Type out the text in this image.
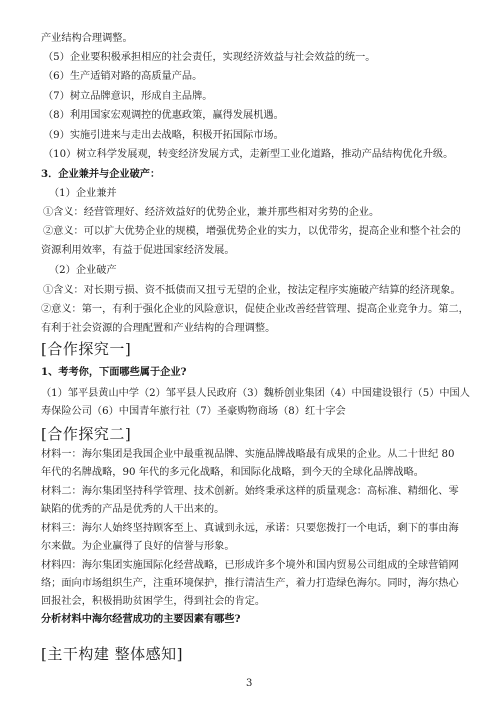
产业结构合理调整。
（5）企业要积极承担相应的社会责任，实现经济效益与社会效益的统一。
（6）生产适销对路的高质量产品。
（7）树立品牌意识，形成自主品牌。
（8）利用国家宏观调控的优惠政策，赢得发展机遇。
（9）实施引进来与走出去战略，积极开拓国际市场。
（10）树立科学发展观，转变经济发展方式，走新型工业化道路，推动产品结构优化升级。
3．企业兼并与企业破产：
（1）企业兼并
①含义：经营管理好、经济效益好的优势企业，兼并那些相对劣势的企业。
②意义：可以扩大优势企业的规模，增强优势企业的实力，以优带劣，提高企业和整个社会的
资源利用效率，有益于促进国家经济发展。
（2）企业破产
①含义：对长期亏损、资不抵债而又扭亏无望的企业，按法定程序实施破产结算的经济现象。
②意义：第一，有利于强化企业的风险意识，促使企业改善经营管理、提高企业竞争力。第二，
有利于社会资源的合理配置和产业结构的合理调整。
[合作探究一]
1、考考你，下面哪些属于企业?
（1）邹平县黄山中学（2）邹平县人民政府（3）魏桥创业集团（4）中国建设银行（5）中国人
寿保险公司（6）中国青年旅行社（7）圣豪购物商场（8）红十字会
[合作探究二]
材料一：海尔集团是我国企业中最重视品牌、实施品牌战略最有成果的企业。从二十世纪 80
年代的名牌战略，90 年代的多元化战略，和国际化战略，到今天的全球化品牌战略。
材料二：海尔集团坚持科学管理、技术创新。始终秉承这样的质量观念：高标准、精细化、零
缺陷的优秀的产品是优秀的人干出来的。
材料三：海尔人始终坚持顾客至上、真诚到永远，承诺：只要您拨打一个电话，剩下的事由海
尔来做。为企业赢得了良好的信誉与形象。
材料四：海尔集团实施国际化经营战略，已形成许多个境外和国内贸易公司组成的全球营销网
络；面向市场组织生产，注重环境保护，推行清洁生产，着力打造绿色海尔。同时，海尔热心
回报社会，积极捐助贫困学生，得到社会的肯定。
分析材料中海尔经营成功的主要因素有哪些?
[主干构建 整体感知]
3
